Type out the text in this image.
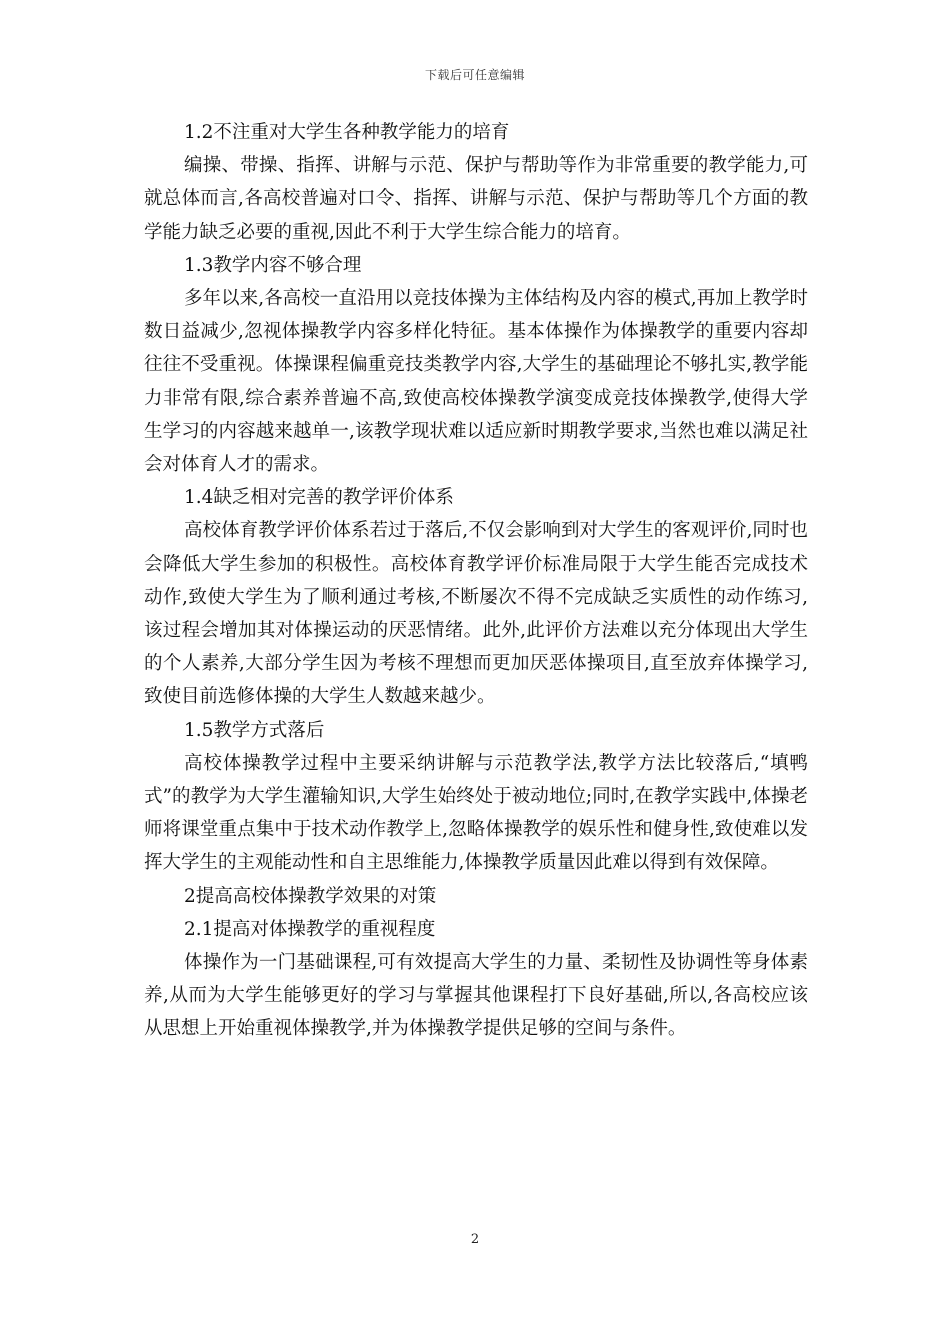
下载后可任意编辑

1.2不注重对大学生各种教学能力的培育

编操、带操、指挥、讲解与示范、保护与帮助等作为非常重要的教学能力,可就总体而言,各高校普遍对口令、指挥、讲解与示范、保护与帮助等几个方面的教学能力缺乏必要的重视,因此不利于大学生综合能力的培育。

1.3教学内容不够合理

多年以来,各高校一直沿用以竞技体操为主体结构及内容的模式,再加上教学时数日益减少,忽视体操教学内容多样化特征。基本体操作为体操教学的重要内容却往往不受重视。体操课程偏重竞技类教学内容,大学生的基础理论不够扎实,教学能力非常有限,综合素养普遍不高,致使高校体操教学演变成竞技体操教学,使得大学生学习的内容越来越单一,该教学现状难以适应新时期教学要求,当然也难以满足社会对体育人才的需求。

1.4缺乏相对完善的教学评价体系

高校体育教学评价体系若过于落后,不仅会影响到对大学生的客观评价,同时也会降低大学生参加的积极性。高校体育教学评价标准局限于大学生能否完成技术动作,致使大学生为了顺利通过考核,不断屡次不得不完成缺乏实质性的动作练习,该过程会增加其对体操运动的厌恶情绪。此外,此评价方法难以充分体现出大学生的个人素养,大部分学生因为考核不理想而更加厌恶体操项目,直至放弃体操学习,致使目前选修体操的大学生人数越来越少。

1.5教学方式落后

高校体操教学过程中主要采纳讲解与示范教学法,教学方法比较落后,“填鸭式”的教学为大学生灌输知识,大学生始终处于被动地位;同时,在教学实践中,体操老师将课堂重点集中于技术动作教学上,忽略体操教学的娱乐性和健身性,致使难以发挥大学生的主观能动性和自主思维能力,体操教学质量因此难以得到有效保障。

2提高高校体操教学效果的对策

2.1提高对体操教学的重视程度

体操作为一门基础课程,可有效提高大学生的力量、柔韧性及协调性等身体素养,从而为大学生能够更好的学习与掌握其他课程打下良好基础,所以,各高校应该从思想上开始重视体操教学,并为体操教学提供足够的空间与条件。

2
